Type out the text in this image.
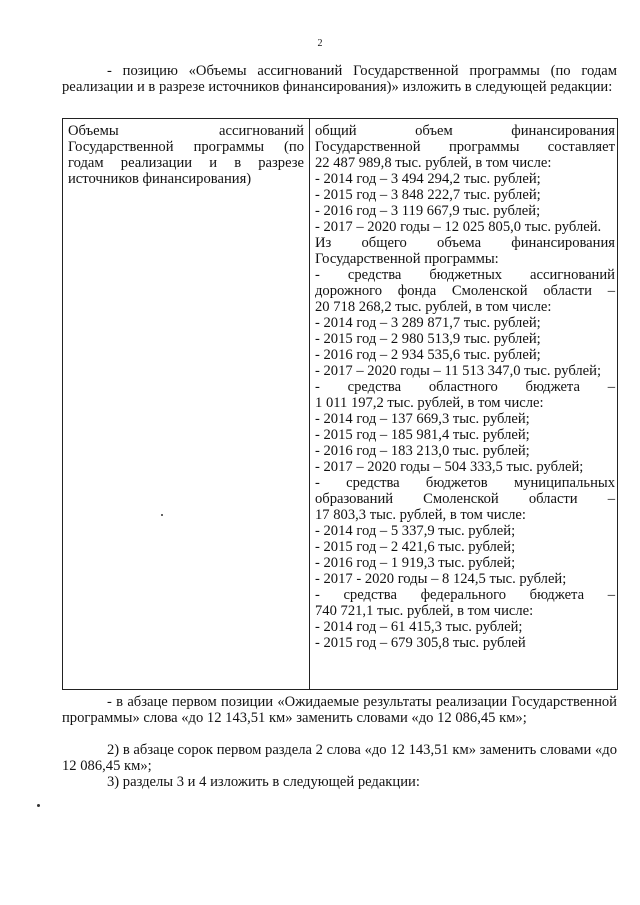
2
- позицию «Объемы ассигнований Государственной программы (по годам реализации и в разрезе источников финансирования)» изложить в следующей редакции:
Объемы ассигнований Государственной программы (по годам реализации и в разрезе источников финансирования)
общий объем финансирования
Государственной программы составляет
22 487 989,8 тыс. рублей, в том числе:
- 2014 год – 3 494 294,2 тыс. рублей;
- 2015 год – 3 848 222,7 тыс. рублей;
- 2016 год – 3 119 667,9 тыс. рублей;
- 2017 – 2020 годы – 12 025 805,0 тыс. рублей.
Из общего объема финансирования
Государственной программы:
- средства бюджетных ассигнований
дорожного фонда Смоленской области –
20 718 268,2 тыс. рублей, в том числе:
- 2014 год – 3 289 871,7 тыс. рублей;
- 2015 год – 2 980 513,9 тыс. рублей;
- 2016 год – 2 934 535,6 тыс. рублей;
- 2017 – 2020 годы – 11 513 347,0 тыс. рублей;
- средства областного бюджета –
1 011 197,2 тыс. рублей, в том числе:
- 2014 год – 137 669,3 тыс. рублей;
- 2015 год – 185 981,4 тыс. рублей;
- 2016 год – 183 213,0 тыс. рублей;
- 2017 – 2020 годы – 504 333,5 тыс. рублей;
- средства бюджетов муниципальных
образований Смоленской области –
17 803,3 тыс. рублей, в том числе:
- 2014 год – 5 337,9 тыс. рублей;
- 2015 год – 2 421,6 тыс. рублей;
- 2016 год – 1 919,3 тыс. рублей;
- 2017 - 2020 годы – 8 124,5 тыс. рублей;
- средства федерального бюджета –
740 721,1 тыс. рублей, в том числе:
- 2014 год – 61 415,3 тыс. рублей;
- 2015 год – 679 305,8 тыс. рублей
- в абзаце первом позиции «Ожидаемые результаты реализации Государственной программы» слова «до 12 143,51 км» заменить словами «до 12 086,45 км»;
2) в абзаце сорок первом раздела 2 слова «до 12 143,51 км» заменить словами «до 12 086,45 км»;
3) разделы 3 и 4 изложить в следующей редакции:
